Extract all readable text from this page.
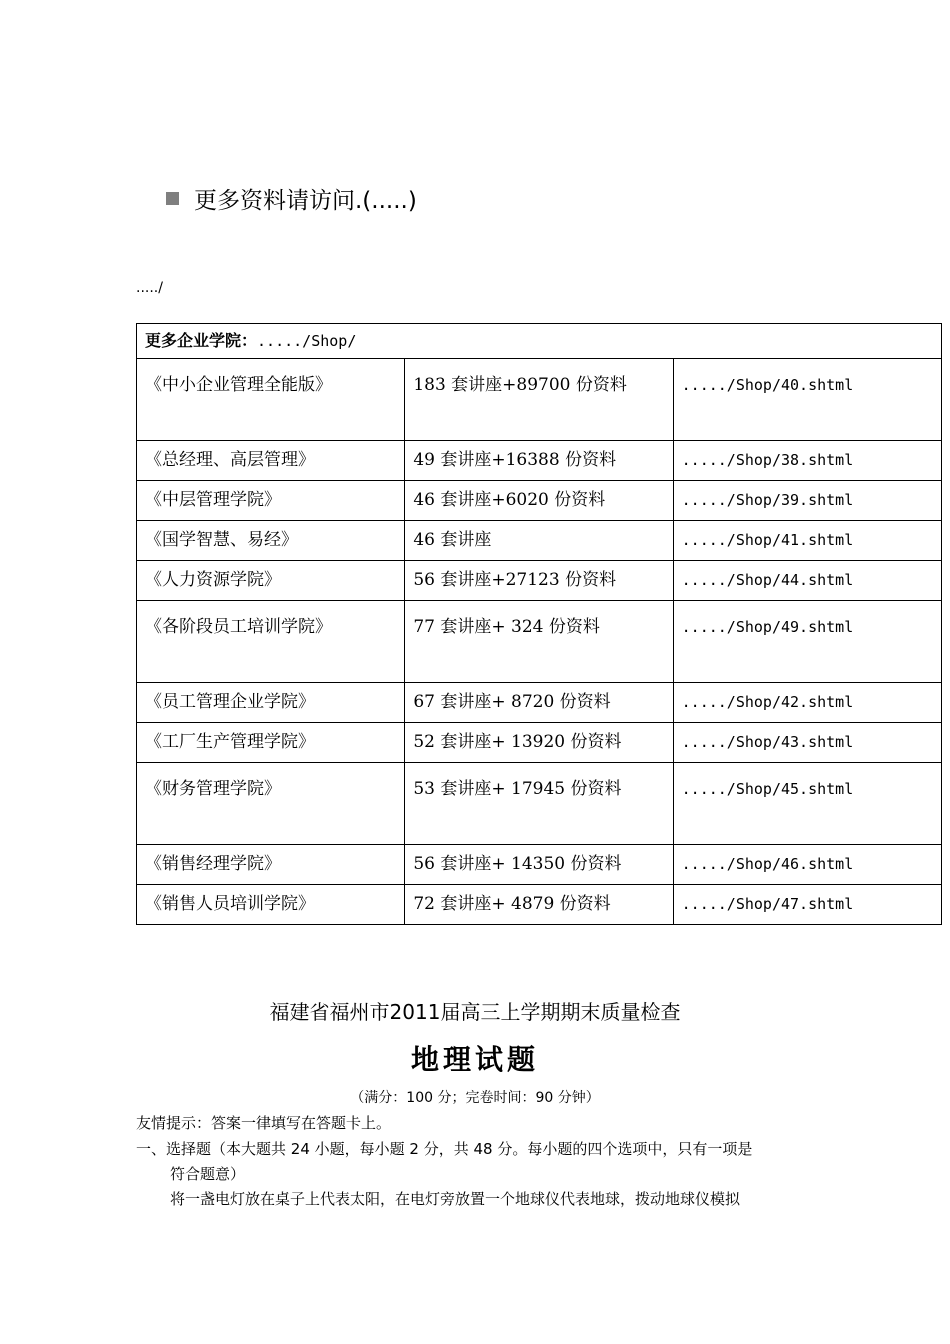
更多资料请访问.(.....)
...../
更多企业学院：...../Shop/		
《中小企业管理全能版》	183 套讲座+89700 份资料	...../Shop/40.shtml
《总经理、高层管理》	49 套讲座+16388 份资料	...../Shop/38.shtml
《中层管理学院》	46 套讲座+6020 份资料	...../Shop/39.shtml
《国学智慧、易经》	46 套讲座	...../Shop/41.shtml
《人力资源学院》	56 套讲座+27123 份资料	...../Shop/44.shtml
《各阶段员工培训学院》	77 套讲座+ 324 份资料	...../Shop/49.shtml
《员工管理企业学院》	67 套讲座+ 8720 份资料	...../Shop/42.shtml
《工厂生产管理学院》	52 套讲座+ 13920 份资料	...../Shop/43.shtml
《财务管理学院》	53 套讲座+ 17945 份资料	...../Shop/45.shtml
《销售经理学院》	56 套讲座+ 14350 份资料	...../Shop/46.shtml
《销售人员培训学院》	72 套讲座+ 4879 份资料	...../Shop/47.shtml
福建省福州市2011届高三上学期期末质量检查
地理试题
（满分：100 分；完卷时间：90 分钟）
友情提示：答案一律填写在答题卡上。
一、选择题（本大题共 24 小题，每小题 2 分，共 48 分。每小题的四个选项中，只有一项是
符合题意）
将一盏电灯放在桌子上代表太阳，在电灯旁放置一个地球仪代表地球，拨动地球仪模拟
